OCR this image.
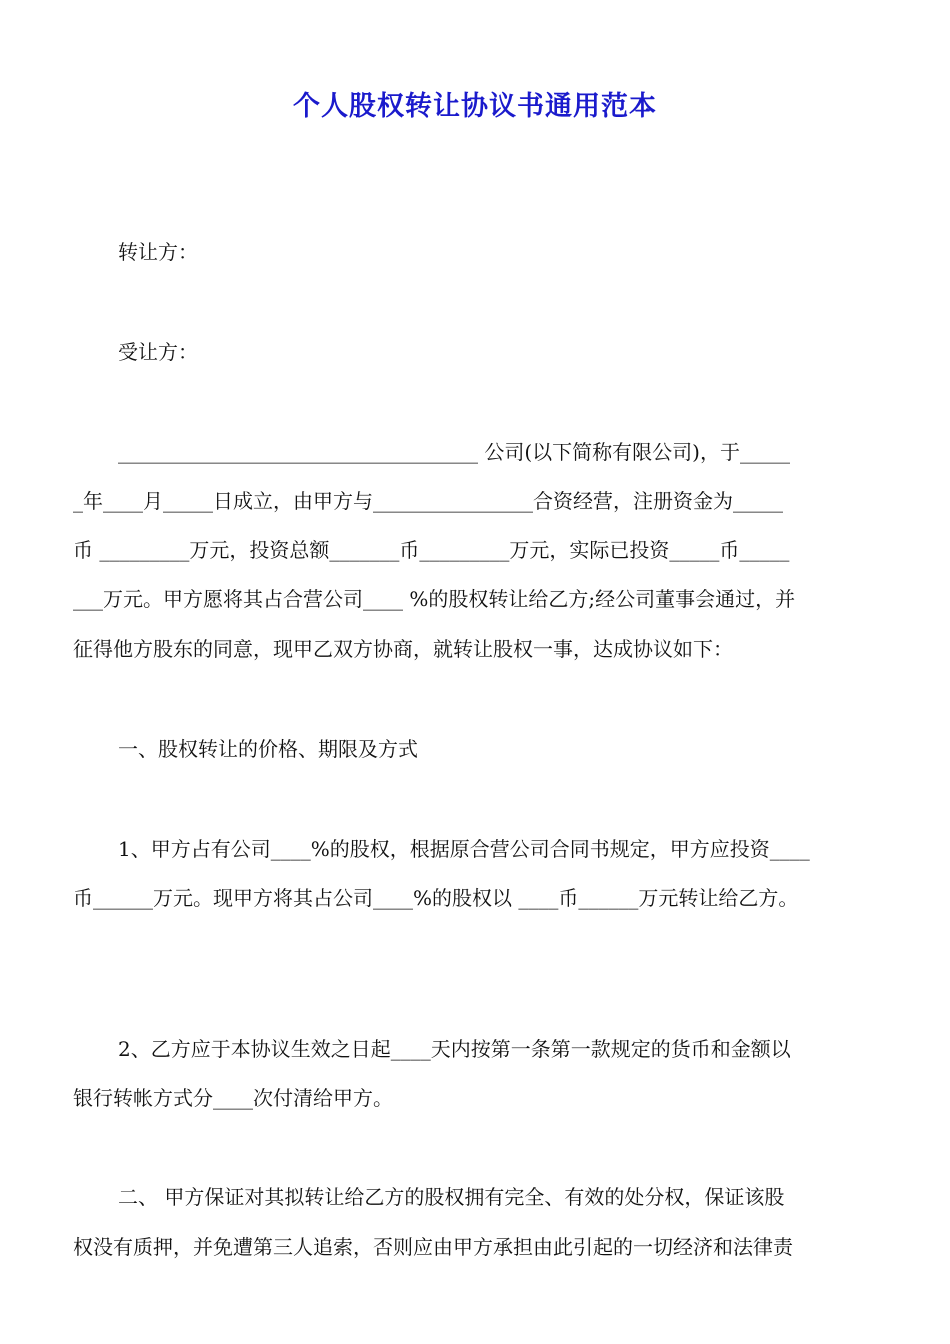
个人股权转让协议书通用范本
转让方：
受让方：
____________________________________ 公司(以下简称有限公司)，于_____
_年____月_____日成立，由甲方与________________合资经营，注册资金为_____
币 _________万元，投资总额_______币_________万元，实际已投资_____币_____
___万元。甲方愿将其占合营公司____ %的股权转让给乙方;经公司董事会通过，并
征得他方股东的同意，现甲乙双方协商，就转让股权一事，达成协议如下：
一、股权转让的价格、期限及方式
1、甲方占有公司____%的股权，根据原合营公司合同书规定，甲方应投资____
币______万元。现甲方将其占公司____%的股权以 ____币______万元转让给乙方。
2、乙方应于本协议生效之日起____天内按第一条第一款规定的货币和金额以
银行转帐方式分____次付清给甲方。
二、 甲方保证对其拟转让给乙方的股权拥有完全、有效的处分权，保证该股
权没有质押，并免遭第三人追索，否则应由甲方承担由此引起的一切经济和法律责
